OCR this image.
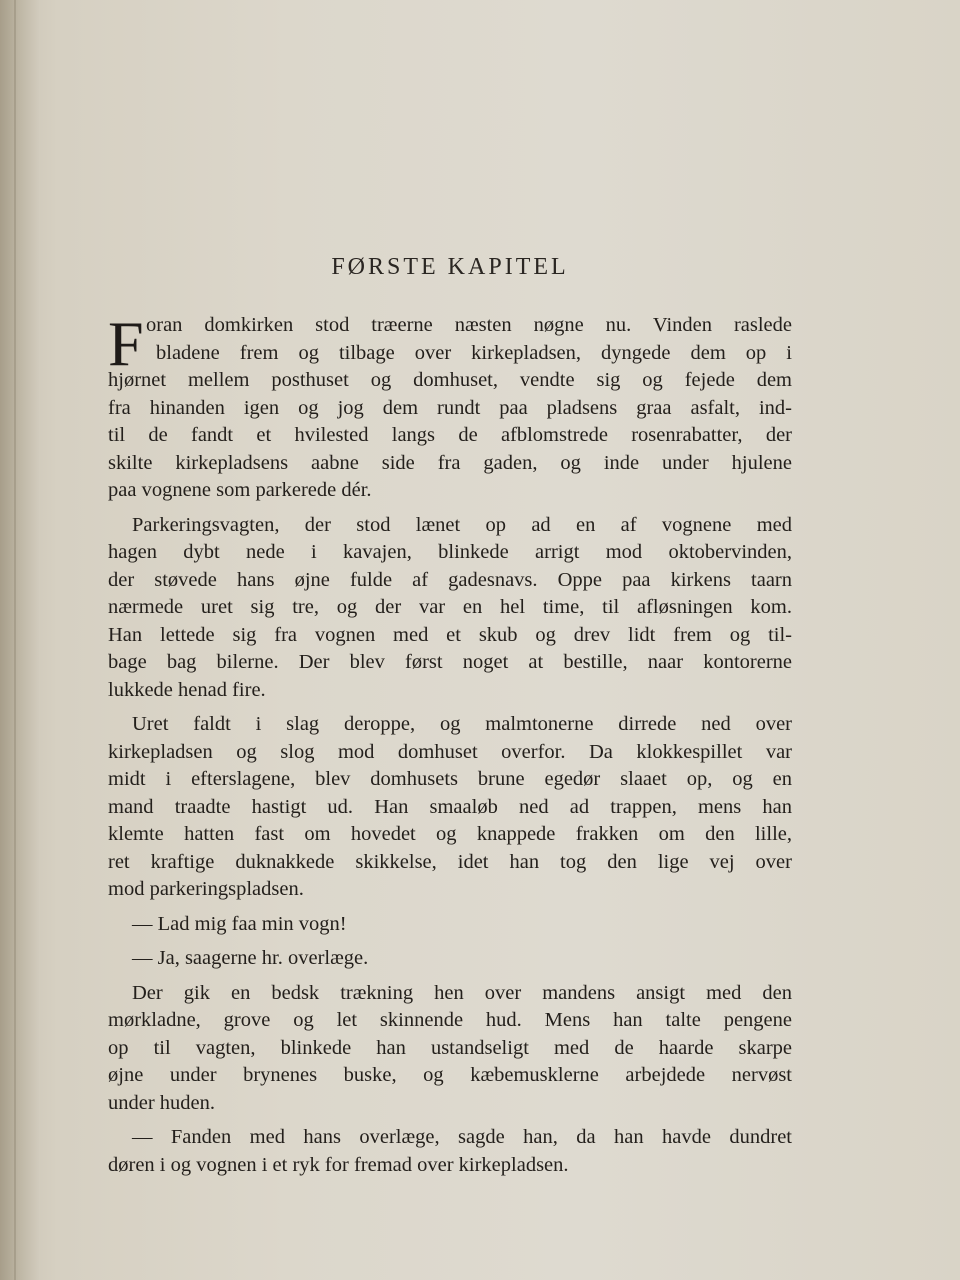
FØRSTE KAPITEL
F oran domkirken stod træerne næsten nøgne nu. Vinden raslede
bladene frem og tilbage over kirkepladsen, dyngede dem op i
hjørnet mellem posthuset og domhuset, vendte sig og fejede dem
fra hinanden igen og jog dem rundt paa pladsens graa asfalt, ind-
til de fandt et hvilested langs de afblomstrede rosenrabatter, der
skilte kirkepladsens aabne side fra gaden, og inde under hjulene
paa vognene som parkerede dér.
Parkeringsvagten, der stod lænet op ad en af vognene med
hagen dybt nede i kavajen, blinkede arrigt mod oktobervinden,
der støvede hans øjne fulde af gadesnavs. Oppe paa kirkens taarn
nærmede uret sig tre, og der var en hel time, til afløsningen kom.
Han lettede sig fra vognen med et skub og drev lidt frem og til-
bage bag bilerne. Der blev først noget at bestille, naar kontorerne
lukkede henad fire.
Uret faldt i slag deroppe, og malmtonerne dirrede ned over
kirkepladsen og slog mod domhuset overfor. Da klokkespillet var
midt i efterslagene, blev domhusets brune egedør slaaet op, og en
mand traadte hastigt ud. Han smaaløb ned ad trappen, mens han
klemte hatten fast om hovedet og knappede frakken om den lille,
ret kraftige duknakkede skikkelse, idet han tog den lige vej over
mod parkeringspladsen.
— Lad mig faa min vogn!
— Ja, saagerne hr. overlæge.
Der gik en bedsk trækning hen over mandens ansigt med den
mørkladne, grove og let skinnende hud. Mens han talte pengene
op til vagten, blinkede han ustandseligt med de haarde skarpe
øjne under brynenes buske, og kæbemusklerne arbejdede nervøst
under huden.
— Fanden med hans overlæge, sagde han, da han havde dundret
døren i og vognen i et ryk for fremad over kirkepladsen.
